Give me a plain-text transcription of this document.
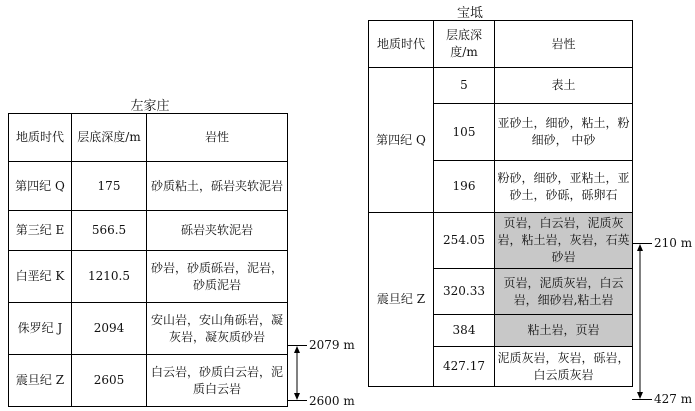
左家庄
地质时代	层底深度/m	岩性
第四纪 Q	175	砂质粘土，砾岩夹软泥岩
第三纪 E	566.5	砾岩夹软泥岩
白垩纪 K	1210.5	砂岩，砂质砾岩，泥岩，砂质泥岩
侏罗纪 J	2094	安山岩，安山角砾岩，凝灰岩，凝灰质砂岩
震旦纪 Z	2605	白云岩，砂质白云岩，泥质白云岩
2079 m
2600 m
宝坻
地质时代	层底深度/m	岩性
第四纪 Q	5	表土
	105	亚砂土，细砂，粘土，粉细砂， 中砂
	196	粉砂，细砂，亚粘土，亚砂土，砂砾，砾卵石
震旦纪 Z	254.05	页岩，白云岩，泥质灰岩，粘土岩，灰岩，石英砂岩
	320.33	页岩，泥质灰岩，白云岩，细砂岩,粘土岩
	384	粘土岩，页岩
	427.17	泥质灰岩，灰岩，砾岩，白云质灰岩
210 m
427 m
